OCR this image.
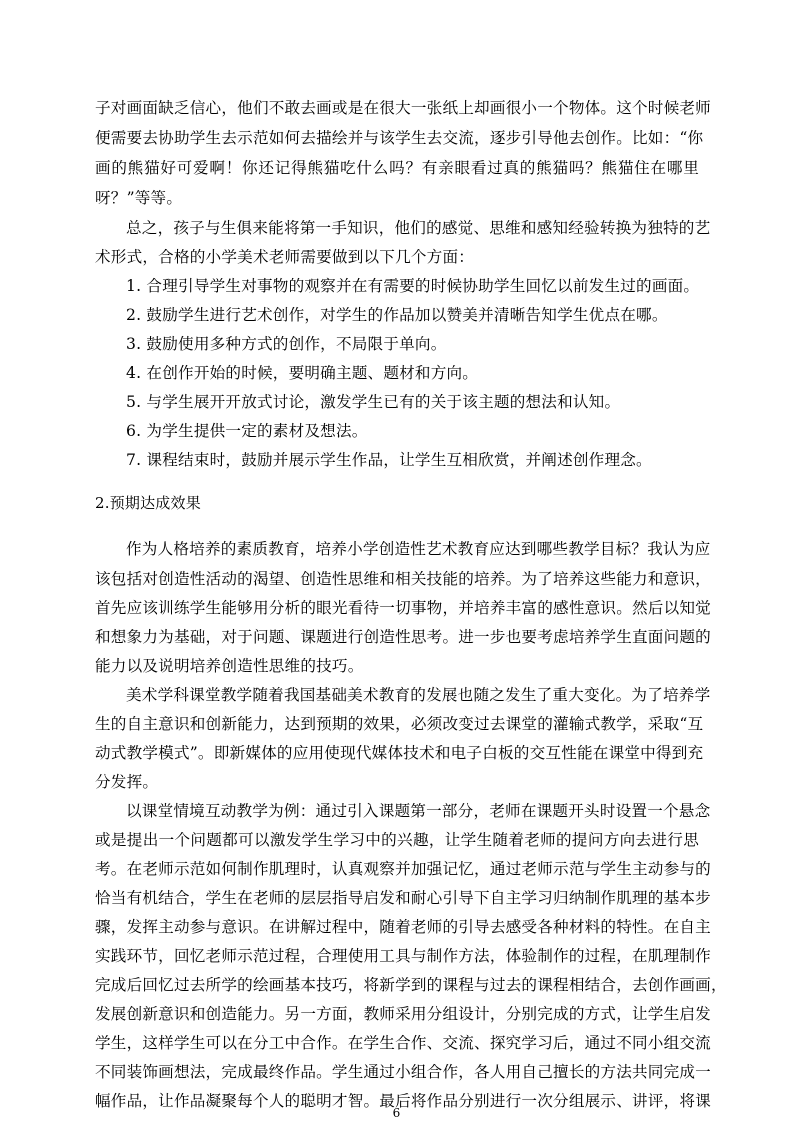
子对画面缺乏信心，他们不敢去画或是在很大一张纸上却画很小一个物体。这个时候老师
便需要去协助学生去示范如何去描绘并与该学生去交流，逐步引导他去创作。比如：“你
画的熊猫好可爱啊！你还记得熊猫吃什么吗？有亲眼看过真的熊猫吗？熊猫住在哪里
呀？”等等。
总之，孩子与生俱来能将第一手知识，他们的感觉、思维和感知经验转换为独特的艺
术形式，合格的小学美术老师需要做到以下几个方面：
1. 合理引导学生对事物的观察并在有需要的时候协助学生回忆以前发生过的画面。
2. 鼓励学生进行艺术创作，对学生的作品加以赞美并清晰告知学生优点在哪。
3. 鼓励使用多种方式的创作，不局限于单向。
4. 在创作开始的时候，要明确主题、题材和方向。
5. 与学生展开开放式讨论，激发学生已有的关于该主题的想法和认知。
6. 为学生提供一定的素材及想法。
7. 课程结束时，鼓励并展示学生作品，让学生互相欣赏，并阐述创作理念。
2.预期达成效果
作为人格培养的素质教育，培养小学创造性艺术教育应达到哪些教学目标？我认为应
该包括对创造性活动的渴望、创造性思维和相关技能的培养。为了培养这些能力和意识，
首先应该训练学生能够用分析的眼光看待一切事物，并培养丰富的感性意识。然后以知觉
和想象力为基础，对于问题、课题进行创造性思考。进一步也要考虑培养学生直面问题的
能力以及说明培养创造性思维的技巧。
美术学科课堂教学随着我国基础美术教育的发展也随之发生了重大变化。为了培养学
生的自主意识和创新能力，达到预期的效果，必须改变过去课堂的灌输式教学，采取“互
动式教学模式”。即新媒体的应用使现代媒体技术和电子白板的交互性能在课堂中得到充
分发挥。
以课堂情境互动教学为例：通过引入课题第一部分，老师在课题开头时设置一个悬念
或是提出一个问题都可以激发学生学习中的兴趣，让学生随着老师的提问方向去进行思
考。在老师示范如何制作肌理时，认真观察并加强记忆，通过老师示范与学生主动参与的
恰当有机结合，学生在老师的层层指导启发和耐心引导下自主学习归纳制作肌理的基本步
骤，发挥主动参与意识。在讲解过程中，随着老师的引导去感受各种材料的特性。在自主
实践环节，回忆老师示范过程，合理使用工具与制作方法，体验制作的过程，在肌理制作
完成后回忆过去所学的绘画基本技巧，将新学到的课程与过去的课程相结合，去创作画画，
发展创新意识和创造能力。另一方面，教师采用分组设计，分别完成的方式，让学生启发
学生，这样学生可以在分工中合作。在学生合作、交流、探究学习后，通过不同小组交流
不同装饰画想法，完成最终作品。学生通过小组合作，各人用自己擅长的方法共同完成一
幅作品，让作品凝聚每个人的聪明才智。最后将作品分别进行一次分组展示、讲评，将课
6
